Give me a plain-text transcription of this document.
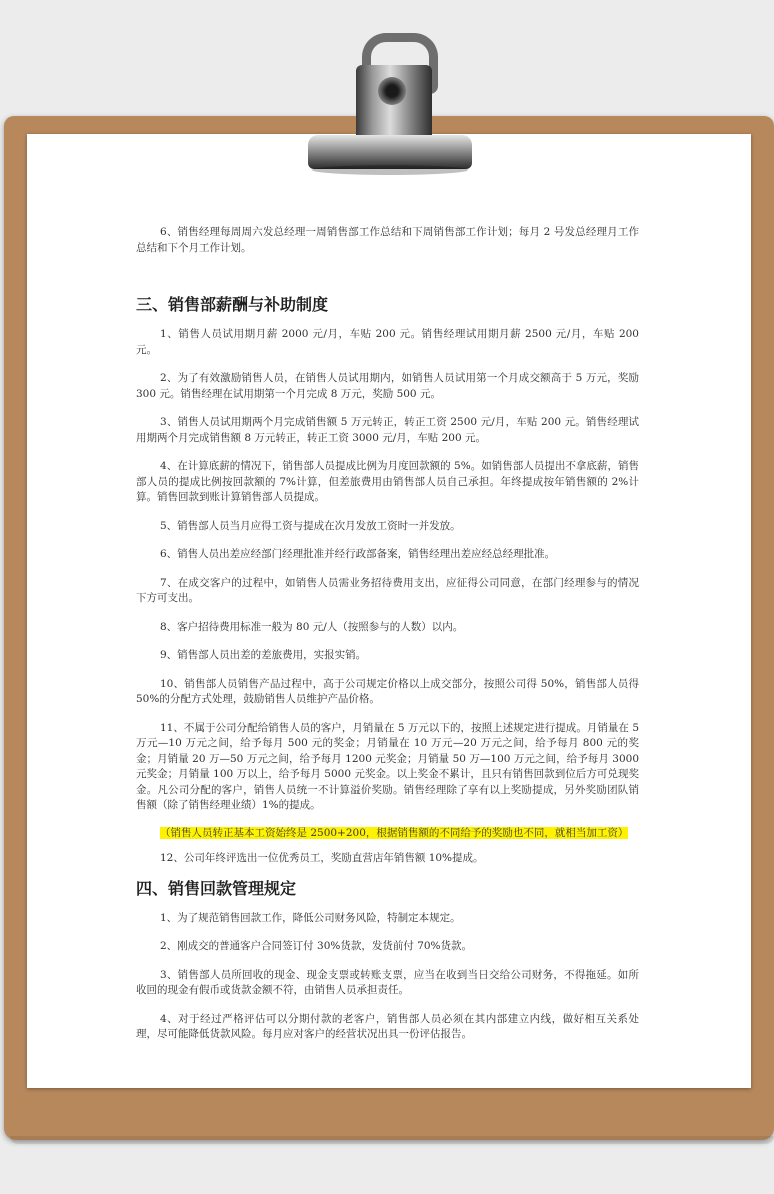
6、销售经理每周周六发总经理一周销售部工作总结和下周销售部工作计划；每月 2 号发总经理月工作总结和下个月工作计划。

三、销售部薪酬与补助制度

1、销售人员试用期月薪 2000 元/月，车贴 200 元。销售经理试用期月薪 2500 元/月，车贴 200 元。

2、为了有效激励销售人员，在销售人员试用期内，如销售人员试用第一个月成交额高于 5 万元，奖励 300 元。销售经理在试用期第一个月完成 8 万元，奖励 500 元。

3、销售人员试用期两个月完成销售额 5 万元转正，转正工资 2500 元/月，车贴 200 元。销售经理试用期两个月完成销售额 8 万元转正，转正工资 3000 元/月，车贴 200 元。

4、在计算底薪的情况下，销售部人员提成比例为月度回款额的 5%。如销售部人员提出不拿底薪，销售部人员的提成比例按回款额的 7%计算，但差旅费用由销售部人员自己承担。年终提成按年销售额的 2%计算。销售回款到账计算销售部人员提成。

5、销售部人员当月应得工资与提成在次月发放工资时一并发放。

6、销售人员出差应经部门经理批准并经行政部备案，销售经理出差应经总经理批准。

7、在成交客户的过程中，如销售人员需业务招待费用支出，应征得公司同意，在部门经理参与的情况下方可支出。

8、客户招待费用标准一般为 80 元/人（按照参与的人数）以内。

9、销售部人员出差的差旅费用，实报实销。

10、销售部人员销售产品过程中，高于公司规定价格以上成交部分，按照公司得 50%，销售部人员得 50%的分配方式处理，鼓励销售人员维护产品价格。

11、不属于公司分配给销售人员的客户，月销量在 5 万元以下的，按照上述规定进行提成。月销量在 5 万元—10 万元之间，给予每月 500 元的奖金；月销量在 10 万元—20 万元之间，给予每月 800 元的奖金；月销量 20 万—50 万元之间，给予每月 1200 元奖金；月销量 50 万—100 万元之间，给予每月 3000 元奖金；月销量 100 万以上，给予每月 5000 元奖金。以上奖金不累计，且只有销售回款到位后方可兑现奖金。凡公司分配的客户，销售人员统一不计算溢价奖励。销售经理除了享有以上奖励提成，另外奖励团队销售额（除了销售经理业绩）1%的提成。

（销售人员转正基本工资始终是 2500+200，根据销售额的不同给予的奖励也不同，就相当加工资）

12、公司年终评选出一位优秀员工，奖励直营店年销售额 10%提成。

四、销售回款管理规定

1、为了规范销售回款工作，降低公司财务风险，特制定本规定。

2、刚成交的普通客户合同签订付 30%货款，发货前付 70%货款。

3、销售部人员所回收的现金、现金支票或转账支票，应当在收到当日交给公司财务，不得拖延。如所收回的现金有假币或货款金额不符，由销售人员承担责任。

4、对于经过严格评估可以分期付款的老客户，销售部人员必须在其内部建立内线，做好相互关系处理，尽可能降低货款风险。每月应对客户的经营状况出具一份评估报告。
